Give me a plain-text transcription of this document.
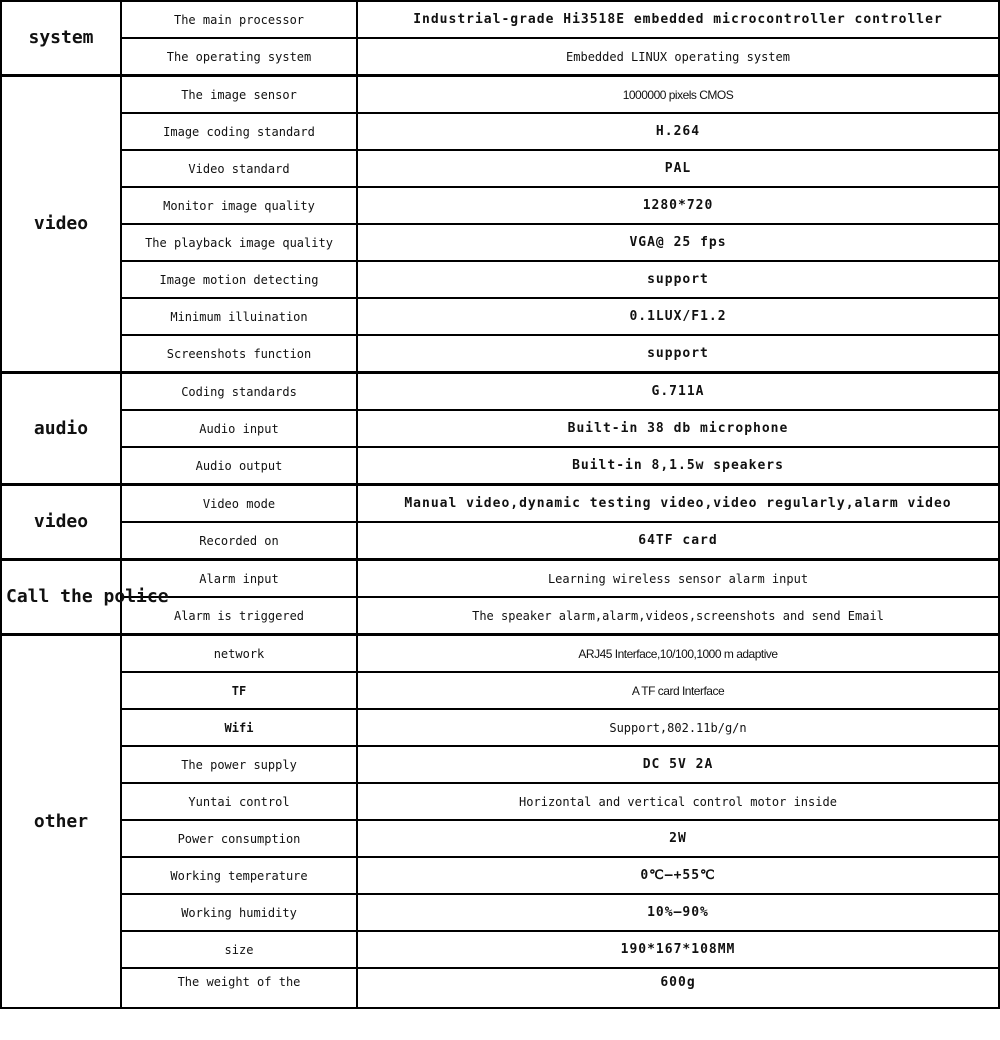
system	The main processor	Industrial-grade Hi3518E embedded microcontroller controller
	The operating system	Embedded LINUX operating system
video	The image sensor	1000000 pixels CMOS
	Image coding standard	H.264
	Video standard	PAL
	Monitor image quality	1280*720
	The playback image quality	VGA@ 25 fps
	Image motion detecting	support
	Minimum illuination	0.1LUX/F1.2
	Screenshots function	support
audio	Coding standards	G.711A
	Audio input	Built-in 38 db microphone
	Audio output	Built-in 8,1.5w speakers
video	Video mode	Manual video,dynamic testing video,video regularly,alarm video
	Recorded on	64TF card
Call the police	Alarm input	Learning wireless sensor alarm input
	Alarm is triggered	The speaker alarm,alarm,videos,screenshots and send Email
other	network	ARJ45 Interface,10/100,1000 m adaptive
	TF	A TF card Interface
	Wifi	Support,802.11b/g/n
	The power supply	DC 5V 2A
	Yuntai control	Horizontal and vertical control motor inside
	Power consumption	2W
	Working temperature	0℃—+55℃
	Working humidity	10%—90%
	size	190*167*108MM
	The weight of the	600g
